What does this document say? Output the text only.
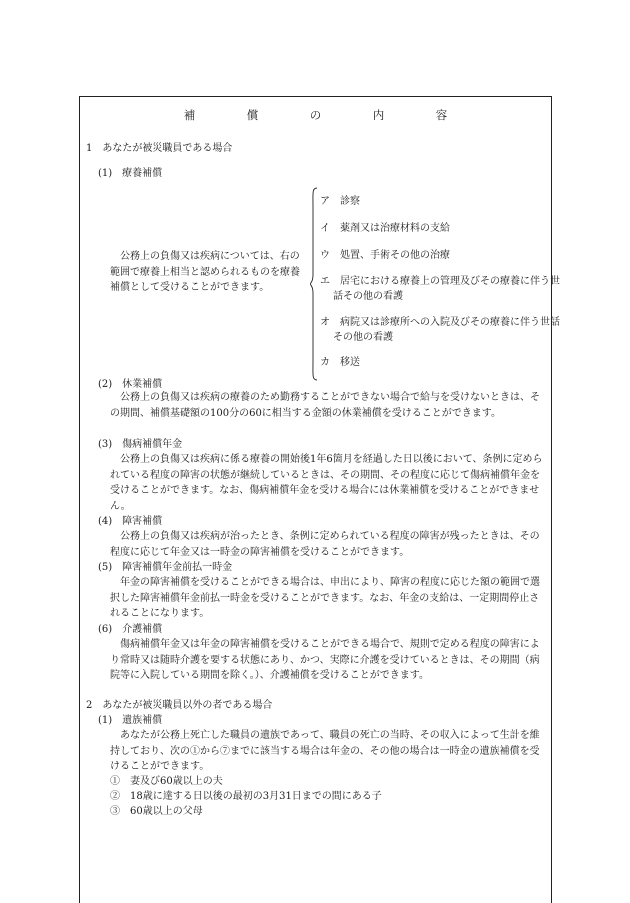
補　償　の　内　容
1　あなたが被災職員である場合
(1)　療養補償
公務上の負傷又は疾病については、右の範囲で療養上相当と認められるものを療養補償として受けることができます。
ア　診察
イ　薬剤又は治療材料の支給
ウ　処置、手術その他の治療
エ　居宅における療養上の管理及びその療養に伴う世話その他の看護
オ　病院又は診療所への入院及びその療養に伴う世話その他の看護
カ　移送
(2)　休業補償
公務上の負傷又は疾病の療養のため勤務することができない場合で給与を受けないときは、その期間、補償基礎額の100分の60に相当する金額の休業補償を受けることができます。
(3)　傷病補償年金
公務上の負傷又は疾病に係る療養の開始後1年6箇月を経過した日以後において、条例に定められている程度の障害の状態が継続しているときは、その期間、その程度に応じて傷病補償年金を受けることができます。なお、傷病補償年金を受ける場合には休業補償を受けることができません。
(4)　障害補償
公務上の負傷又は疾病が治ったとき、条例に定められている程度の障害が残ったときは、その程度に応じて年金又は一時金の障害補償を受けることができます。
(5)　障害補償年金前払一時金
年金の障害補償を受けることができる場合は、申出により、障害の程度に応じた額の範囲で選択した障害補償年金前払一時金を受けることができます。なお、年金の支給は、一定期間停止されることになります。
(6)　介護補償
傷病補償年金又は年金の障害補償を受けることができる場合で、規則で定める程度の障害により常時又は随時介護を要する状態にあり、かつ、実際に介護を受けているときは、その期間（病院等に入院している期間を除く。）、介護補償を受けることができます。
2　あなたが被災職員以外の者である場合
(1)　遺族補償
あなたが公務上死亡した職員の遺族であって、職員の死亡の当時、その収入によって生計を維持しており、次の①から⑦までに該当する場合は年金の、その他の場合は一時金の遺族補償を受けることができます。
①　妻及び60歳以上の夫
②　18歳に達する日以後の最初の3月31日までの間にある子
③　60歳以上の父母
